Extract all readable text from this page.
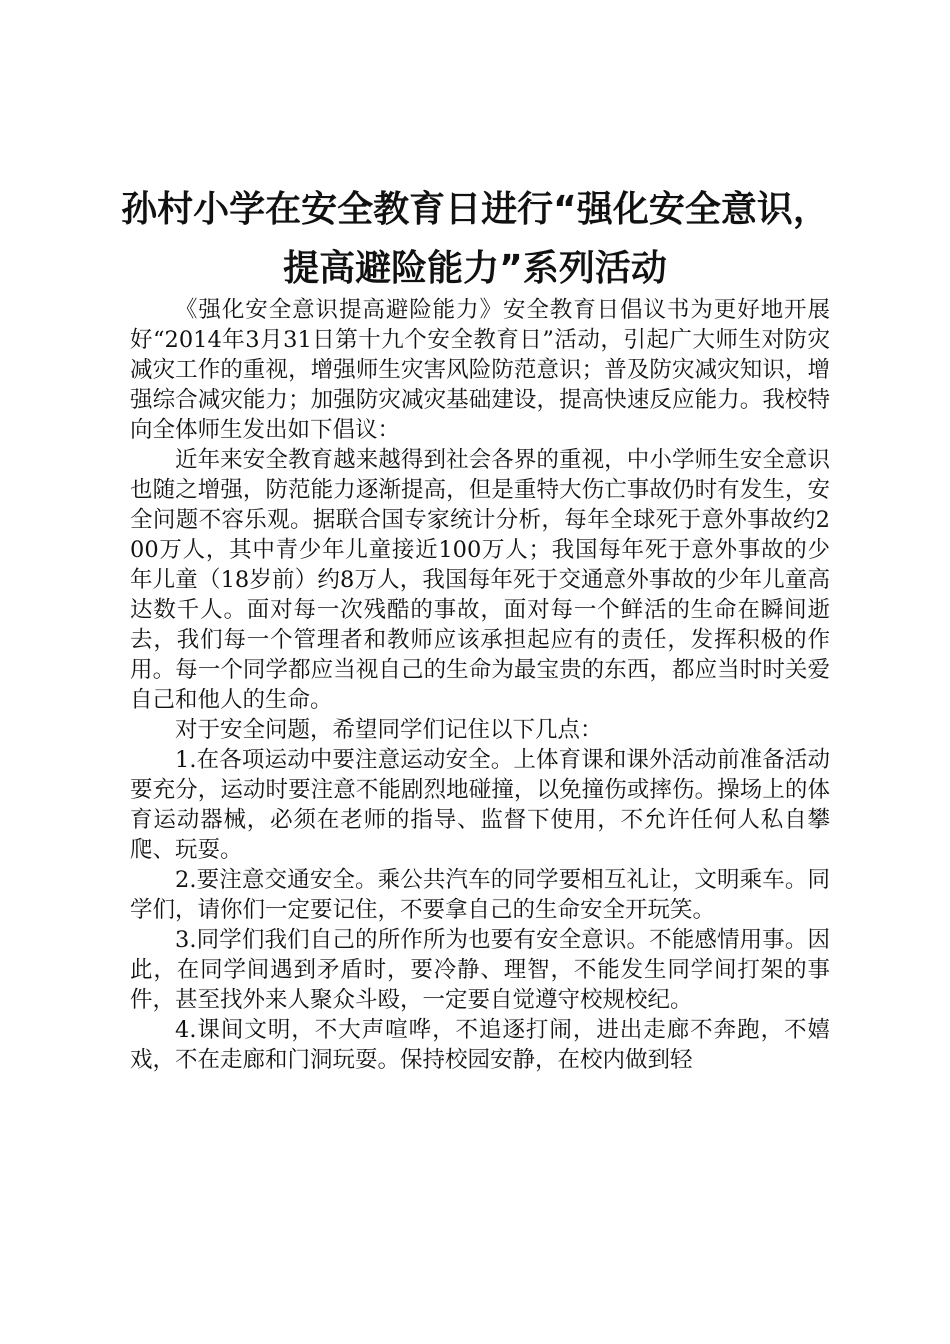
孙村小学在安全教育日进行“强化安全意识，
提高避险能力”系列活动

《强化安全意识提高避险能力》安全教育日倡议书为更好地开展好“2014年3月31日第十九个安全教育日”活动，引起广大师生对防灾减灾工作的重视，增强师生灾害风险防范意识；普及防灾减灾知识，增强综合减灾能力；加强防灾减灾基础建设，提高快速反应能力。我校特向全体师生发出如下倡议：

近年来安全教育越来越得到社会各界的重视，中小学师生安全意识也随之增强，防范能力逐渐提高，但是重特大伤亡事故仍时有发生，安全问题不容乐观。据联合国专家统计分析，每年全球死于意外事故约200万人，其中青少年儿童接近100万人；我国每年死于意外事故的少年儿童（18岁前）约8万人，我国每年死于交通意外事故的少年儿童高达数千人。面对每一次残酷的事故，面对每一个鲜活的生命在瞬间逝去，我们每一个管理者和教师应该承担起应有的责任，发挥积极的作用。每一个同学都应当视自己的生命为最宝贵的东西，都应当时时关爱自己和他人的生命。

对于安全问题，希望同学们记住以下几点：

1.在各项运动中要注意运动安全。上体育课和课外活动前准备活动要充分，运动时要注意不能剧烈地碰撞，以免撞伤或摔伤。操场上的体育运动器械，必须在老师的指导、监督下使用，不允许任何人私自攀爬、玩耍。

2.要注意交通安全。乘公共汽车的同学要相互礼让，文明乘车。同学们，请你们一定要记住，不要拿自己的生命安全开玩笑。

3.同学们我们自己的所作所为也要有安全意识。不能感情用事。因此，在同学间遇到矛盾时，要冷静、理智，不能发生同学间打架的事件，甚至找外来人聚众斗殴，一定要自觉遵守校规校纪。

4.课间文明，不大声喧哗，不追逐打闹，进出走廊不奔跑，不嬉戏，不在走廊和门洞玩耍。保持校园安静，在校内做到轻
